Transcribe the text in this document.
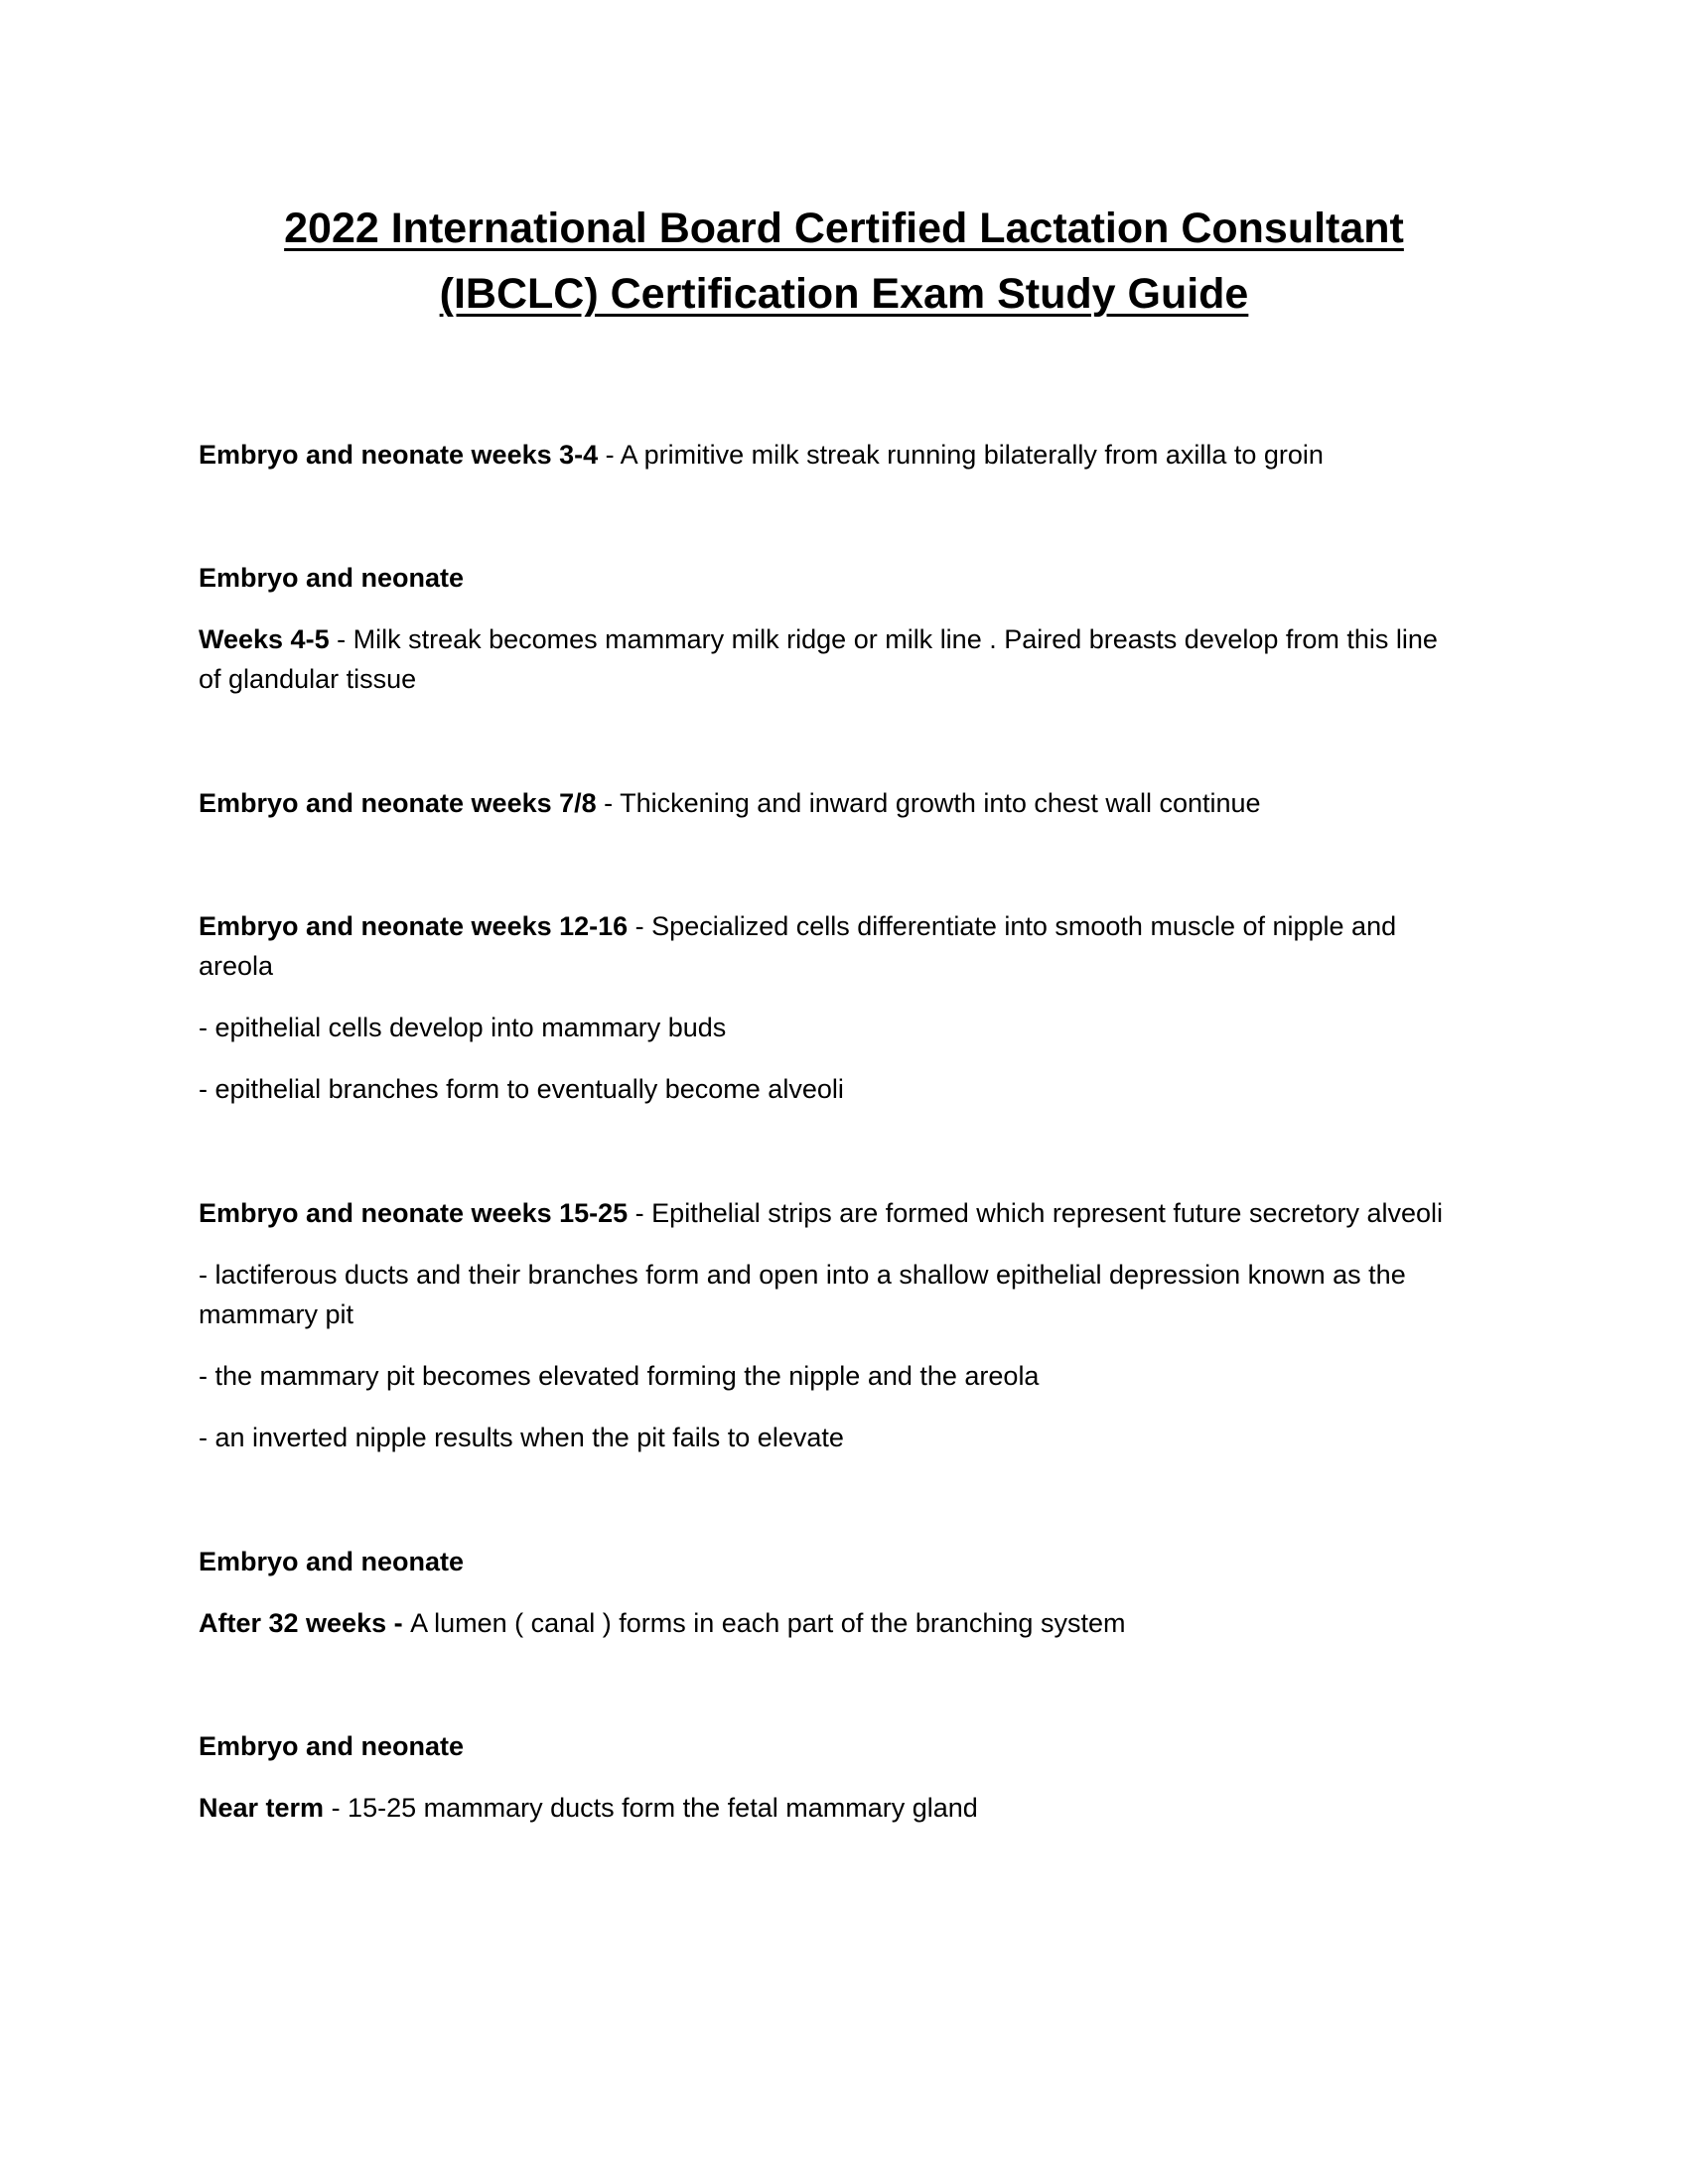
2022 International Board Certified Lactation Consultant
(IBCLC) Certification Exam Study Guide
Embryo and neonate weeks 3-4 - A primitive milk streak running bilaterally from axilla to groin
Embryo and neonate
Weeks 4-5 - Milk streak becomes mammary milk ridge or milk line . Paired breasts develop from this line
of glandular tissue
Embryo and neonate weeks 7/8 - Thickening and inward growth into chest wall continue
Embryo and neonate weeks 12-16 - Specialized cells differentiate into smooth muscle of nipple and
areola
- epithelial cells develop into mammary buds
- epithelial branches form to eventually become alveoli
Embryo and neonate weeks 15-25 - Epithelial strips are formed which represent future secretory alveoli
- lactiferous ducts and their branches form and open into a shallow epithelial depression known as the
mammary pit
- the mammary pit becomes elevated forming the nipple and the areola
- an inverted nipple results when the pit fails to elevate
Embryo and neonate
After 32 weeks - A lumen ( canal ) forms in each part of the branching system
Embryo and neonate
Near term - 15-25 mammary ducts form the fetal mammary gland
